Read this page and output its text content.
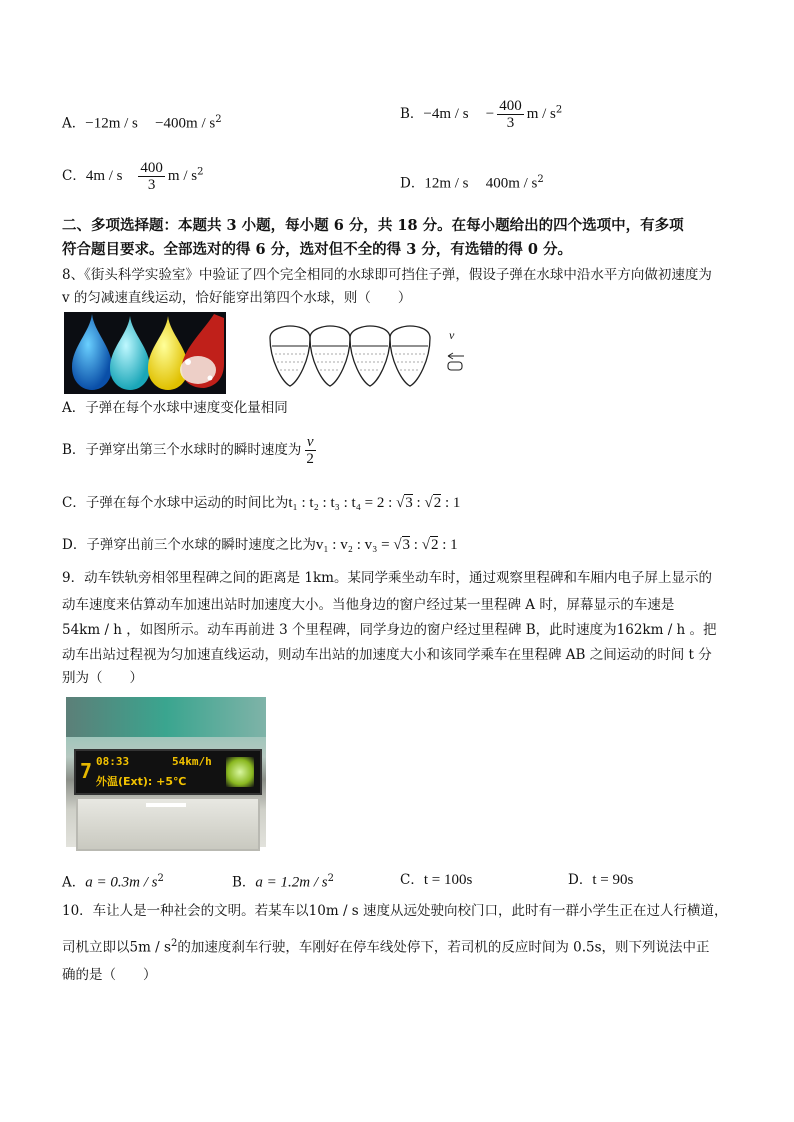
A．$-12m / s -400m / s^2$	B．$-4m / s - \frac{400}{3}$ m / $s^2$
C．4m / s $\frac{400}{3}$ m / $s^2$
D．12m / s $400m / s^2$
二、多项选择题：本题共 3 小题，每小题 6 分，共 18 分。在每小题给出的四个选项中，有多项
符合题目要求。全部选对的得 6 分，选对但不全的得 3 分，有选错的得 0 分。
8、《街头科学实验室》中验证了四个完全相同的水球即可挡住子弹，假设子弹在水球中沿水平方向做初速度为
v 的匀减速直线运动，恰好能穿出第四个水球，则（　　）
v
A．子弹在每个水球中速度变化量相同
B．子弹穿出第三个水球时的瞬时速度为 $\frac{v}{2}$
C．子弹在每个水球中运动的时间比为t₁ : t₂ : t₃ : t₄ = 2 : √3 : √2 : 1
D．子弹穿出前三个水球的瞬时速度之比为v₁ : v₂ : v₃ = √3 : √2 : 1
9．动车铁轨旁相邻里程碑之间的距离是 1km。某同学乘坐动车时，通过观察里程碑和车厢内电子屏上显示的
动车速度来估算动车加速出站时加速度大小。当他身边的窗户经过某一里程碑 A 时，屏幕显示的车速是
54km / h ，如图所示。动车再前进 3 个里程碑，同学身边的窗户经过里程碑 B，此时速度为162km / h 。把
动车出站过程视为匀加速直线运动，则动车出站的加速度大小和该同学乘车在里程碑 AB 之间运动的时间 t 分
别为（　　）
7 08:33	54km/h
外温(Ext): +5℃
A．$a = 0.3m / s^2$	B．$a = 1.2m / s^2$	C．t = 100s	D．t = 90s
10．车让人是一种社会的文明。若某车以10m / s 速度从远处驶向校门口，此时有一群小学生正在过人行横道，
司机立即以$5m / s^2$的加速度刹车行驶，车刚好在停车线处停下，若司机的反应时间为 0.5s，则下列说法中正
确的是（　　）
